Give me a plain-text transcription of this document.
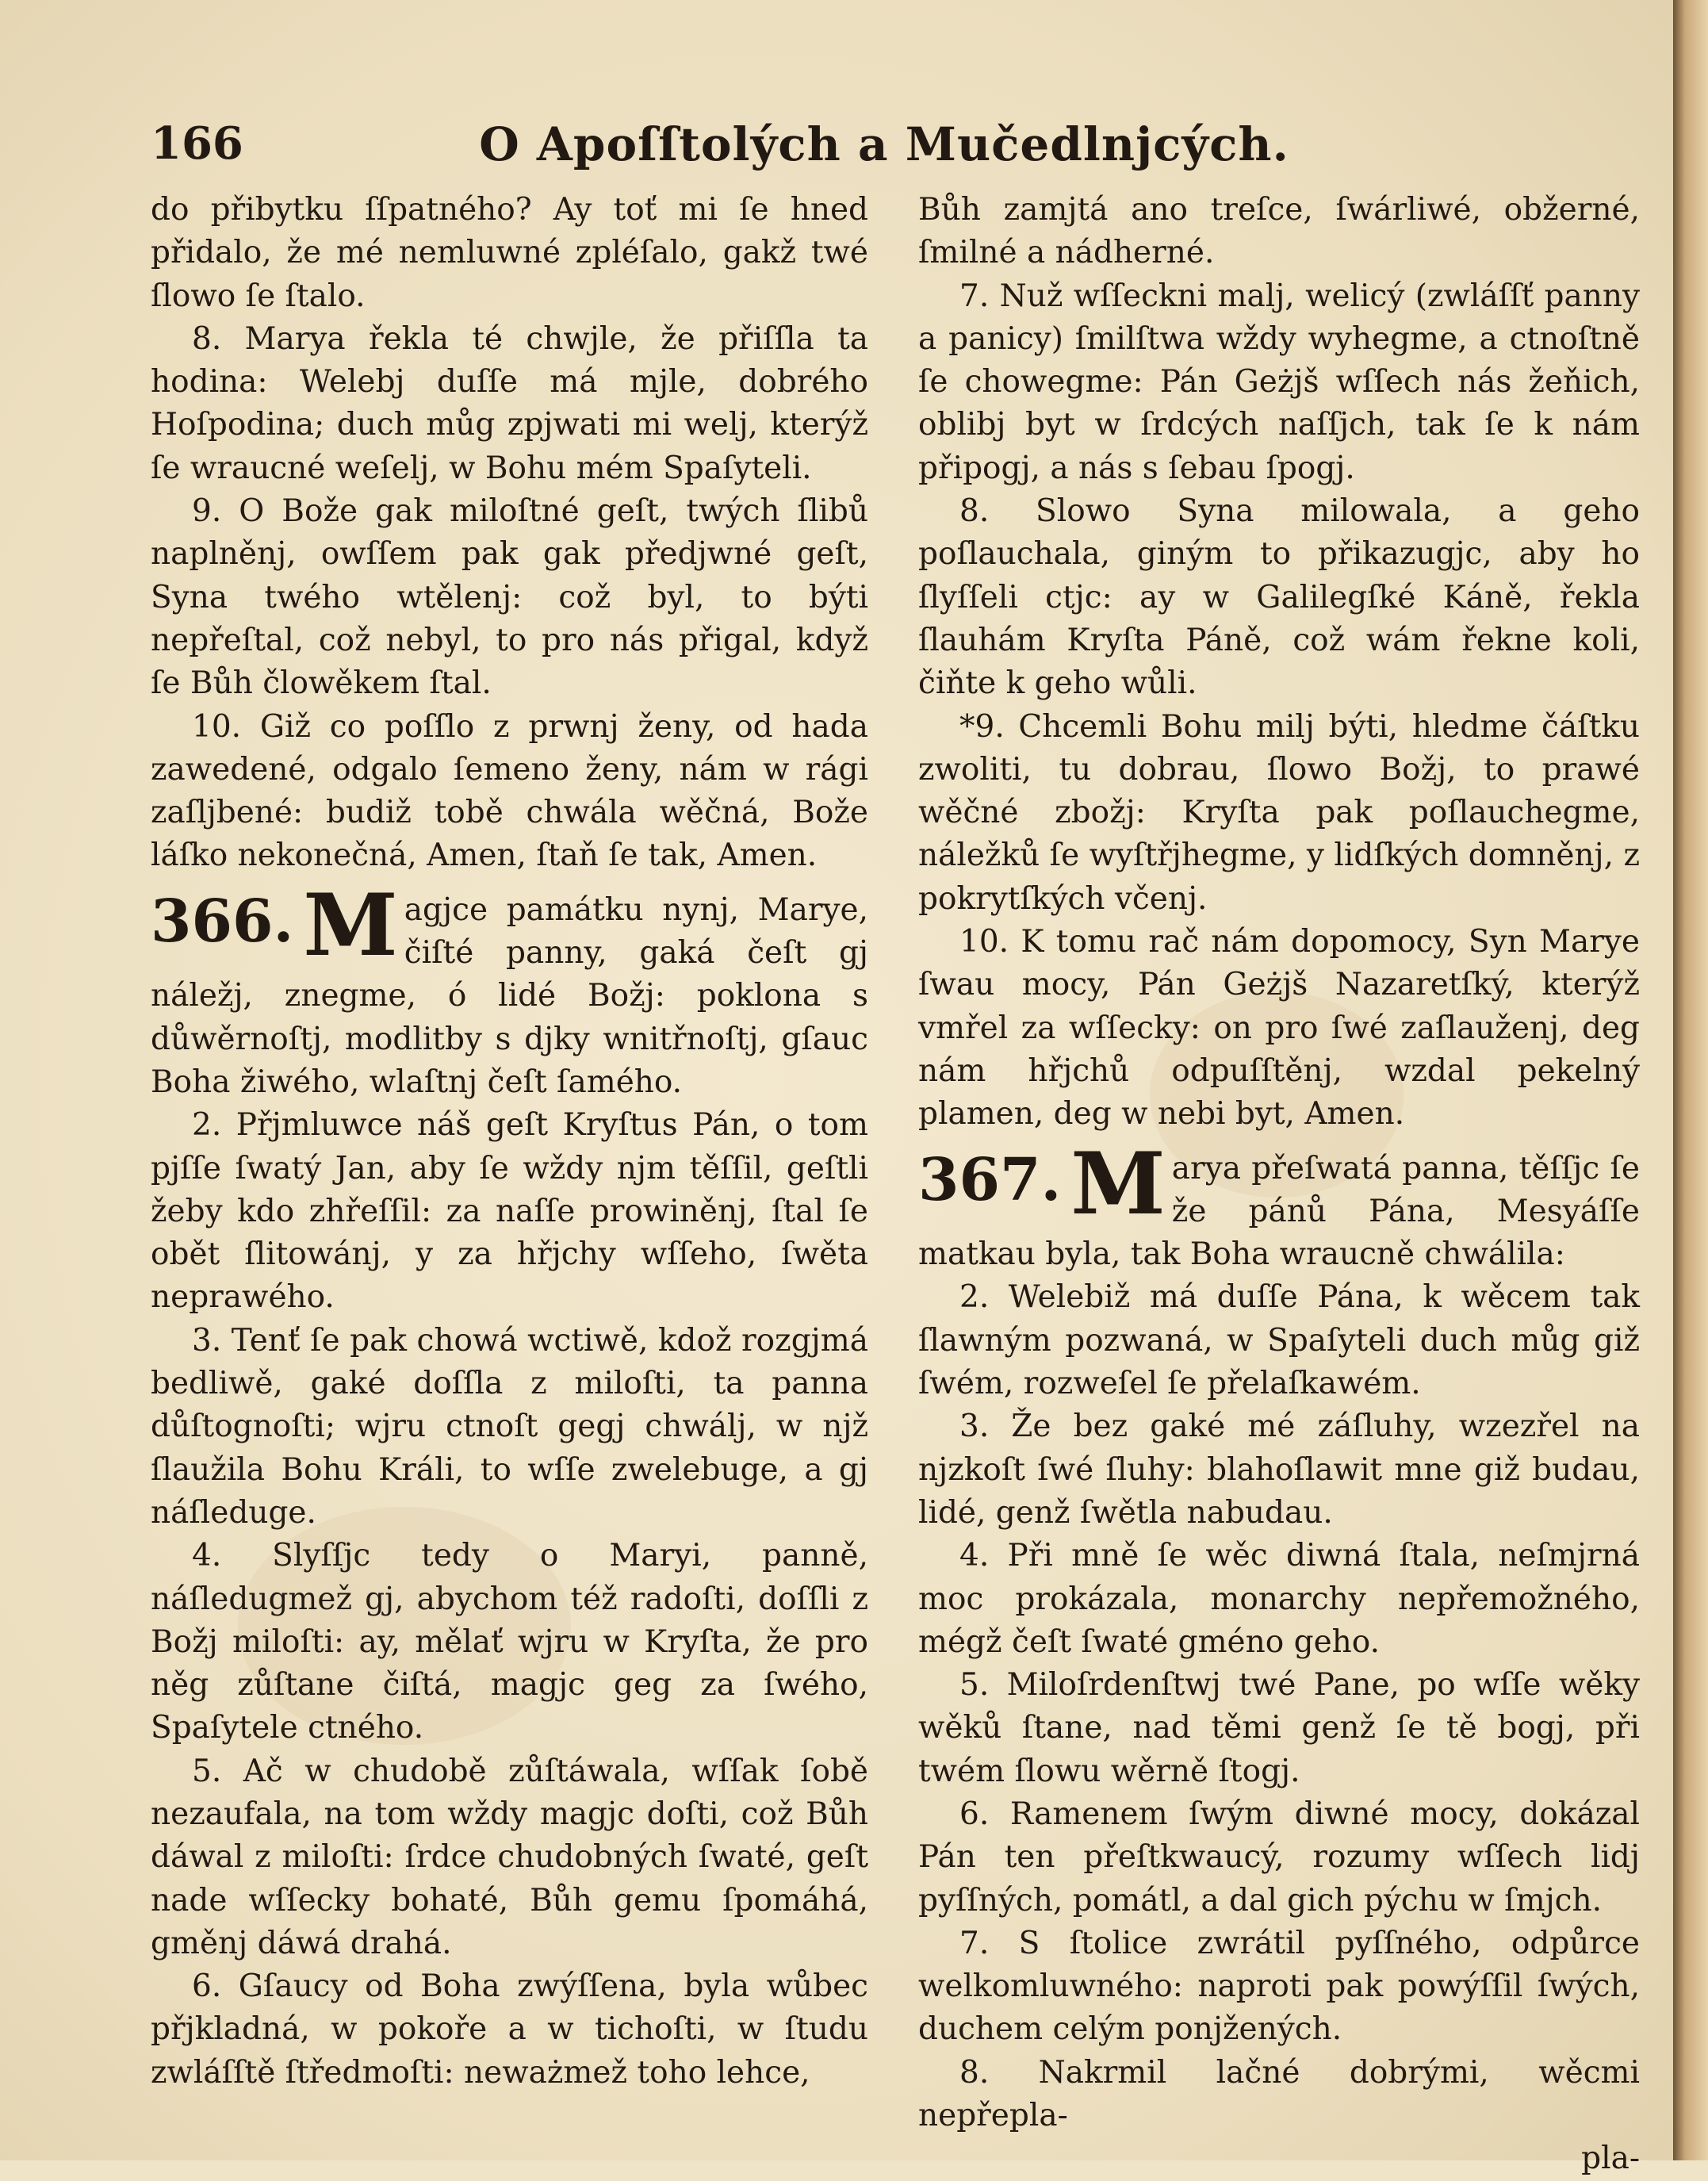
166	O Apoſſtolých a Mučedlnjcých.

do přibytku ſſpatného? Ay toť mi ſe hned přidalo, že mé nemluwné zpléſalo, gakž twé ſlowo ſe ſtalo.

8. Marya řekla té chwjle, že přiſſla ta hodina: Welebj duſſe má mjle, dobrého Hoſpodina; duch můg zpjwati mi welj, kterýž ſe wraucné weſelj, w Bohu mém Spaſyteli.

9. O Bože gak miloſtné geſt, twých ſlibů naplněnj, owſſem pak gak předjwné geſt, Syna twého wtělenj: což byl, to býti nepřeſtal, což nebyl, to pro nás přigal, když ſe Bůh člowěkem ſtal.

10. Giž co poſſlo z prwnj ženy, od hada zawedené, odgalo ſemeno ženy, nám w rági zaſljbené: budiž tobě chwála wěčná, Bože láſko nekonečná, Amen, ſtaň ſe tak, Amen.

366. M agjce památku nynj, Marye, čiſté panny, gaká čeſt gj náležj, znegme, ó lidé Božj: poklona s důwěrnoſtj, modlitby s djky wnitřnoſtj, gſauc Boha žiwého, wlaſtnj čeſt ſamého.

2. Přjmluwce náš geſt Kryſtus Pán, o tom pjſſe ſwatý Jan, aby ſe wždy njm těſſil, geſtli žeby kdo zhřeſſil: za naſſe prowiněnj, ſtal ſe obět ſlitowánj, y za hřjchy wſſeho, ſwěta neprawého.

3. Tenť ſe pak chowá wctiwě, kdož rozgjmá bedliwě, gaké doſſla z miloſti, ta panna důſtognoſti; wjru ctnoſt gegj chwálj, w njž ſlaužila Bohu Králi, to wſſe zwelebuge, a gj náſleduge.

4. Slyſſjc tedy o Maryi, panně, náſledugmež gj, abychom též radoſti, doſſli z Božj miloſti: ay, mělať wjru w Kryſta, že pro něg zůſtane čiſtá, magjc geg za ſwého, Spaſytele ctného.

5. Ač w chudobě zůſtáwala, wſſak ſobě nezaufala, na tom wždy magjc doſti, což Bůh dáwal z miloſti: ſrdce chudobných ſwaté, geſt nade wſſecky bohaté, Bůh gemu ſpomáhá, gměnj dáwá drahá.

6. Gſaucy od Boha zwýſſena, byla wůbec přjkladná, w pokoře a w tichoſti, w ſtudu zwláſſtě ſtředmoſti: neważmež toho lehce,

Bůh zamjtá ano treſce, ſwárliwé, obžerné, ſmilné a nádherné.

7. Nuž wſſeckni malj, welicý (zwláſſť panny a panicy) ſmilſtwa wždy wyhegme, a ctnoſtně ſe chowegme: Pán Geżjš wſſech nás žeňich, oblibj byt w ſrdcých naſſjch, tak ſe k nám připogj, a nás s ſebau ſpogj.

8. Slowo Syna milowala, a geho poſlauchala, giným to přikazugjc, aby ho ſlyſſeli ctjc: ay w Galilegſké Káně, řekla ſlauhám Kryſta Páně, což wám řekne koli, čiňte k geho wůli.

*9. Chcemli Bohu milj býti, hledme čáſtku zwoliti, tu dobrau, ſlowo Božj, to prawé wěčné zbožj: Kryſta pak poſlauchegme, náležků ſe wyſtřjhegme, y lidſkých domněnj, z pokrytſkých včenj.

10. K tomu rač nám dopomocy, Syn Marye ſwau mocy, Pán Geżjš Nazaretſký, kterýž vmřel za wſſecky: on pro ſwé zaſlauženj, deg nám hřjchů odpuſſtěnj, wzdal pekelný plamen, deg w nebi byt, Amen.

367. M arya přeſwatá panna, těſſjc ſe že pánů Pána, Mesyáſſe matkau byla, tak Boha wraucně chwálila:

2. Welebiž má duſſe Pána, k wěcem tak ſlawným pozwaná, w Spaſyteli duch můg giž ſwém, rozweſel ſe přelaſkawém.

3. Že bez gaké mé záſluhy, wzezřel na njzkoſt ſwé ſluhy: blahoſlawit mne giž budau, lidé, genž ſwětla nabudau.

4. Při mně ſe wěc diwná ſtala, neſmjrná moc prokázala, monarchy nepřemožného, mégž čeſt ſwaté gméno geho.

5. Miloſrdenſtwj twé Pane, po wſſe wěky wěků ſtane, nad těmi genž ſe tě bogj, při twém ſlowu wěrně ſtogj.

6. Ramenem ſwým diwné mocy, dokázal Pán ten přeſtkwaucý, rozumy wſſech lidj pyſſných, pomátl, a dal gich pýchu w ſmjch.

7. S ſtolice zwrátil pyſſného, odpůrce welkomluwného: naproti pak powýſſil ſwých, duchem celým ponjžených.

8. Nakrmil lačné dobrými, wěcmi nepřepla-

pla-
